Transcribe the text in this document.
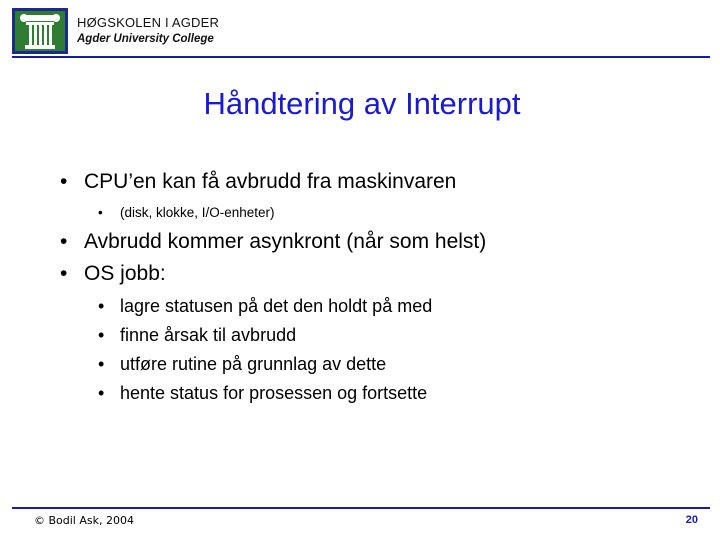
HØGSKOLEN I AGDER
Agder University College
Håndtering av Interrupt
• CPU’en kan få avbrudd fra maskinvaren
• (disk, klokke, I/O-enheter)
• Avbrudd kommer asynkront (når som helst)
• OS jobb:
• lagre statusen på det den holdt på med
• finne årsak til avbrudd
• utføre rutine på grunnlag av dette
• hente status for prosessen og fortsette
© Bodil Ask, 2004	20
